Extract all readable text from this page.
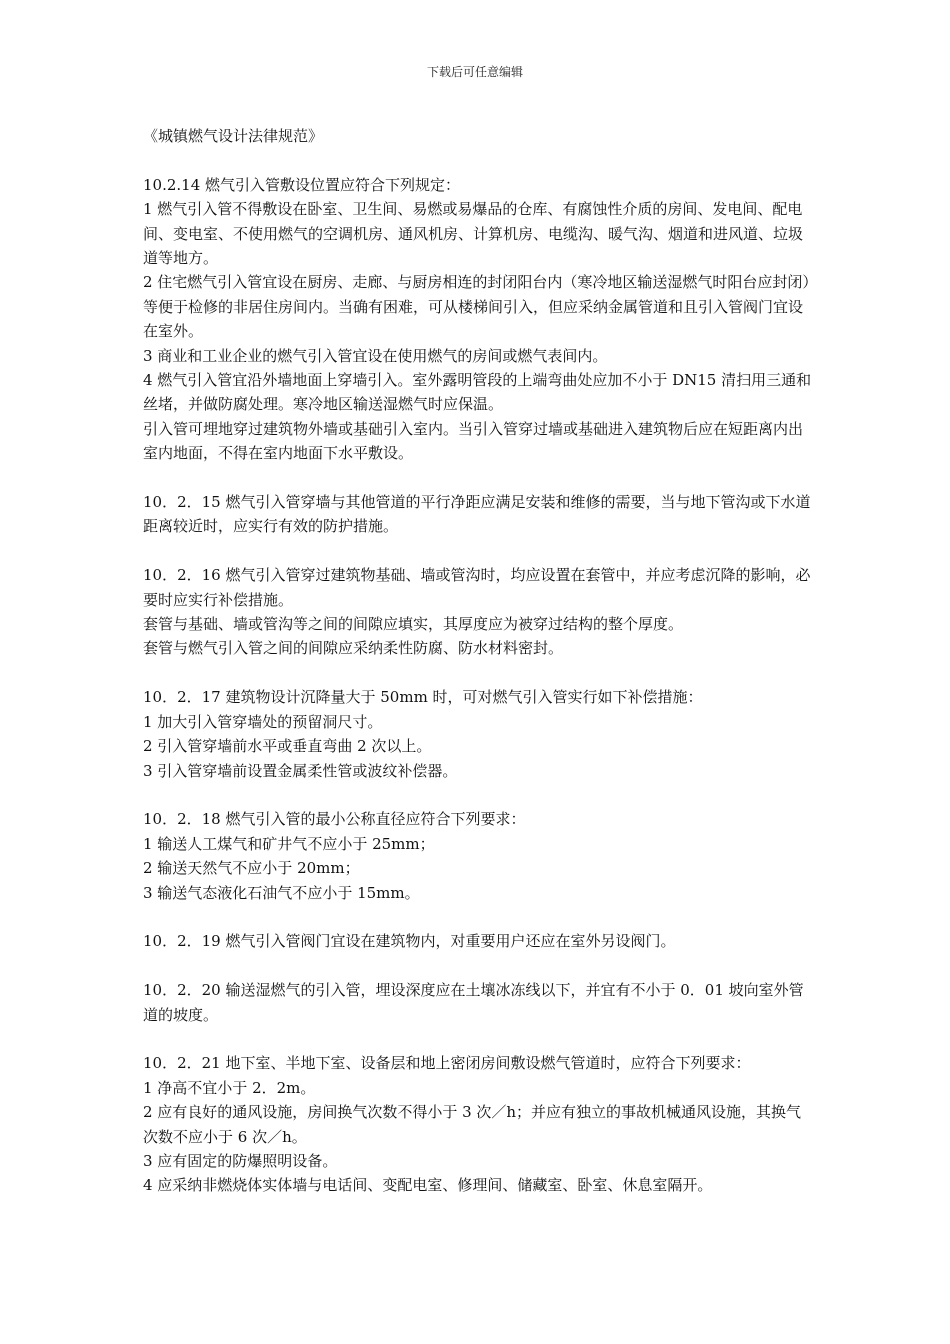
下载后可任意编辑

《城镇燃气设计法律规范》

10.2.14 燃气引入管敷设位置应符合下列规定：

1 燃气引入管不得敷设在卧室、卫生间、易燃或易爆品的仓库、有腐蚀性介质的房间、发电间、配电间、变电室、不使用燃气的空调机房、通风机房、计算机房、电缆沟、暖气沟、烟道和进风道、垃圾道等地方。

2 住宅燃气引入管宜设在厨房、走廊、与厨房相连的封闭阳台内（寒冷地区输送湿燃气时阳台应封闭）等便于检修的非居住房间内。当确有困难，可从楼梯间引入，但应采纳金属管道和且引入管阀门宜设在室外。

3 商业和工业企业的燃气引入管宜设在使用燃气的房间或燃气表间内。

4 燃气引入管宜沿外墙地面上穿墙引入。室外露明管段的上端弯曲处应加不小于 DN15 清扫用三通和丝堵，并做防腐处理。寒冷地区输送湿燃气时应保温。

引入管可埋地穿过建筑物外墙或基础引入室内。当引入管穿过墙或基础进入建筑物后应在短距离内出室内地面，不得在室内地面下水平敷设。

10．2．15 燃气引入管穿墙与其他管道的平行净距应满足安装和维修的需要，当与地下管沟或下水道距离较近时，应实行有效的防护措施。

10．2．16 燃气引入管穿过建筑物基础、墙或管沟时，均应设置在套管中，并应考虑沉降的影响，必要时应实行补偿措施。

套管与基础、墙或管沟等之间的间隙应填实，其厚度应为被穿过结构的整个厚度。

套管与燃气引入管之间的间隙应采纳柔性防腐、防水材料密封。

10．2．17 建筑物设计沉降量大于 50mm 时，可对燃气引入管实行如下补偿措施：

1 加大引入管穿墙处的预留洞尺寸。

2 引入管穿墙前水平或垂直弯曲 2 次以上。

3 引入管穿墙前设置金属柔性管或波纹补偿器。

10．2．18 燃气引入管的最小公称直径应符合下列要求：

1 输送人工煤气和矿井气不应小于 25mm；

2 输送天然气不应小于 20mm；

3 输送气态液化石油气不应小于 15mm。

10．2．19 燃气引入管阀门宜设在建筑物内，对重要用户还应在室外另设阀门。

10．2．20 输送湿燃气的引入管，埋设深度应在土壤冰冻线以下，并宜有不小于 0．01 坡向室外管道的坡度。

10．2．21 地下室、半地下室、设备层和地上密闭房间敷设燃气管道时，应符合下列要求：

1 净高不宜小于 2．2m。

2 应有良好的通风设施，房间换气次数不得小于 3 次／h；并应有独立的事故机械通风设施，其换气次数不应小于 6 次／h。

3 应有固定的防爆照明设备。

4 应采纳非燃烧体实体墙与电话间、变配电室、修理间、储藏室、卧室、休息室隔开。
